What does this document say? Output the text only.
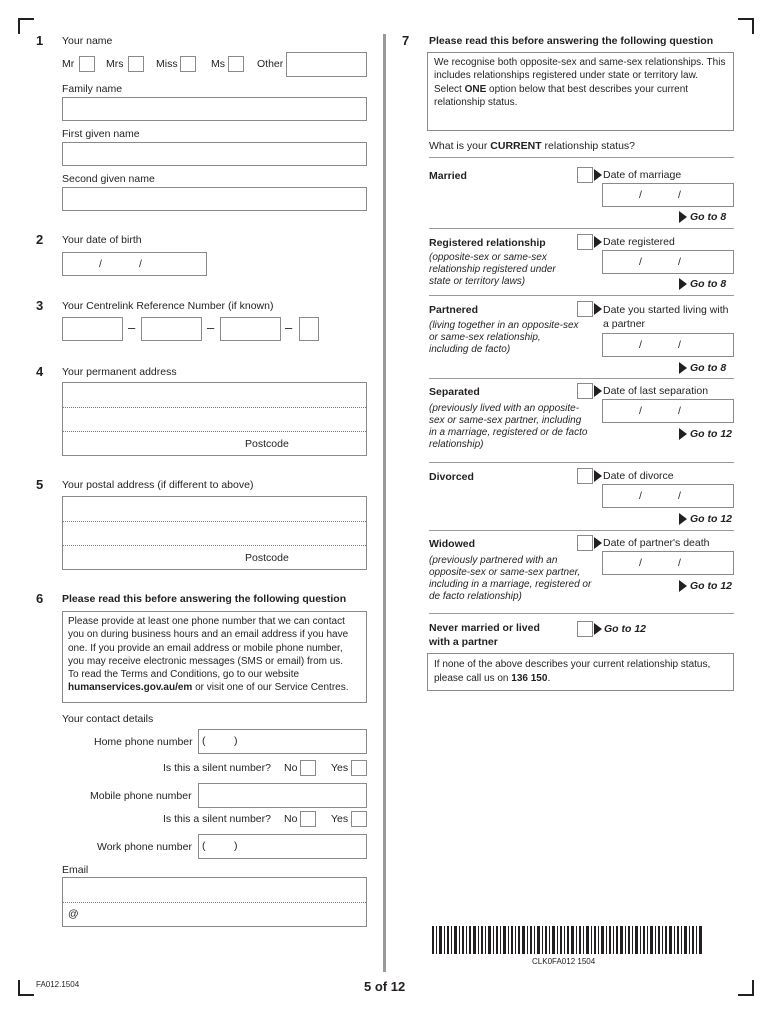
1 Your name
Mr	Mrs	Miss	Ms	Other
Family name
First given name
Second given name
2 Your date of birth
/	/
3 Your Centrelink Reference Number (if known)
–	–	–
4 Your permanent address
Postcode
5 Your postal address (if different to above)
Postcode
6 Please read this before answering the following question
Please provide at least one phone number that we can contact
you on during business hours and an email address if you have
one. If you provide an email address or mobile phone number,
you may receive electronic messages (SMS or email) from us.
To read the Terms and Conditions, go to our website
humanservices.gov.au/em or visit one of our Service Centres.
Your contact details
Home phone number (	)
Is this a silent number? No	Yes
Mobile phone number
Is this a silent number? No	Yes
Work phone number (	)
Email
@
7 Please read this before answering the following question
We recognise both opposite-sex and same-sex relationships. This includes relationships registered under state or territory law.
Select ONE option below that best describes your current relationship status.
What is your CURRENT relationship status?
Married	Date of marriage
/	/
Go to 8
Registered relationship
(opposite-sex or same-sex relationship registered under state or territory laws)
Date registered
/	/
Go to 8
Partnered
(living together in an opposite-sex or same-sex relationship, including de facto)
Date you started living with a partner
/	/
Go to 8
Separated
(previously lived with an opposite-sex or same-sex partner, including in a marriage, registered or de facto relationship)
Date of last separation
/	/
Go to 12
Divorced	Date of divorce
/	/
Go to 12
Widowed
(previously partnered with an opposite-sex or same-sex partner, including in a marriage, registered or de facto relationship)
Date of partner's death
/	/
Go to 12
Never married or lived with a partner
Go to 12
If none of the above describes your current relationship status, please call us on 136 150.
CLK0FA012 1504
FA012.1504	5 of 12
